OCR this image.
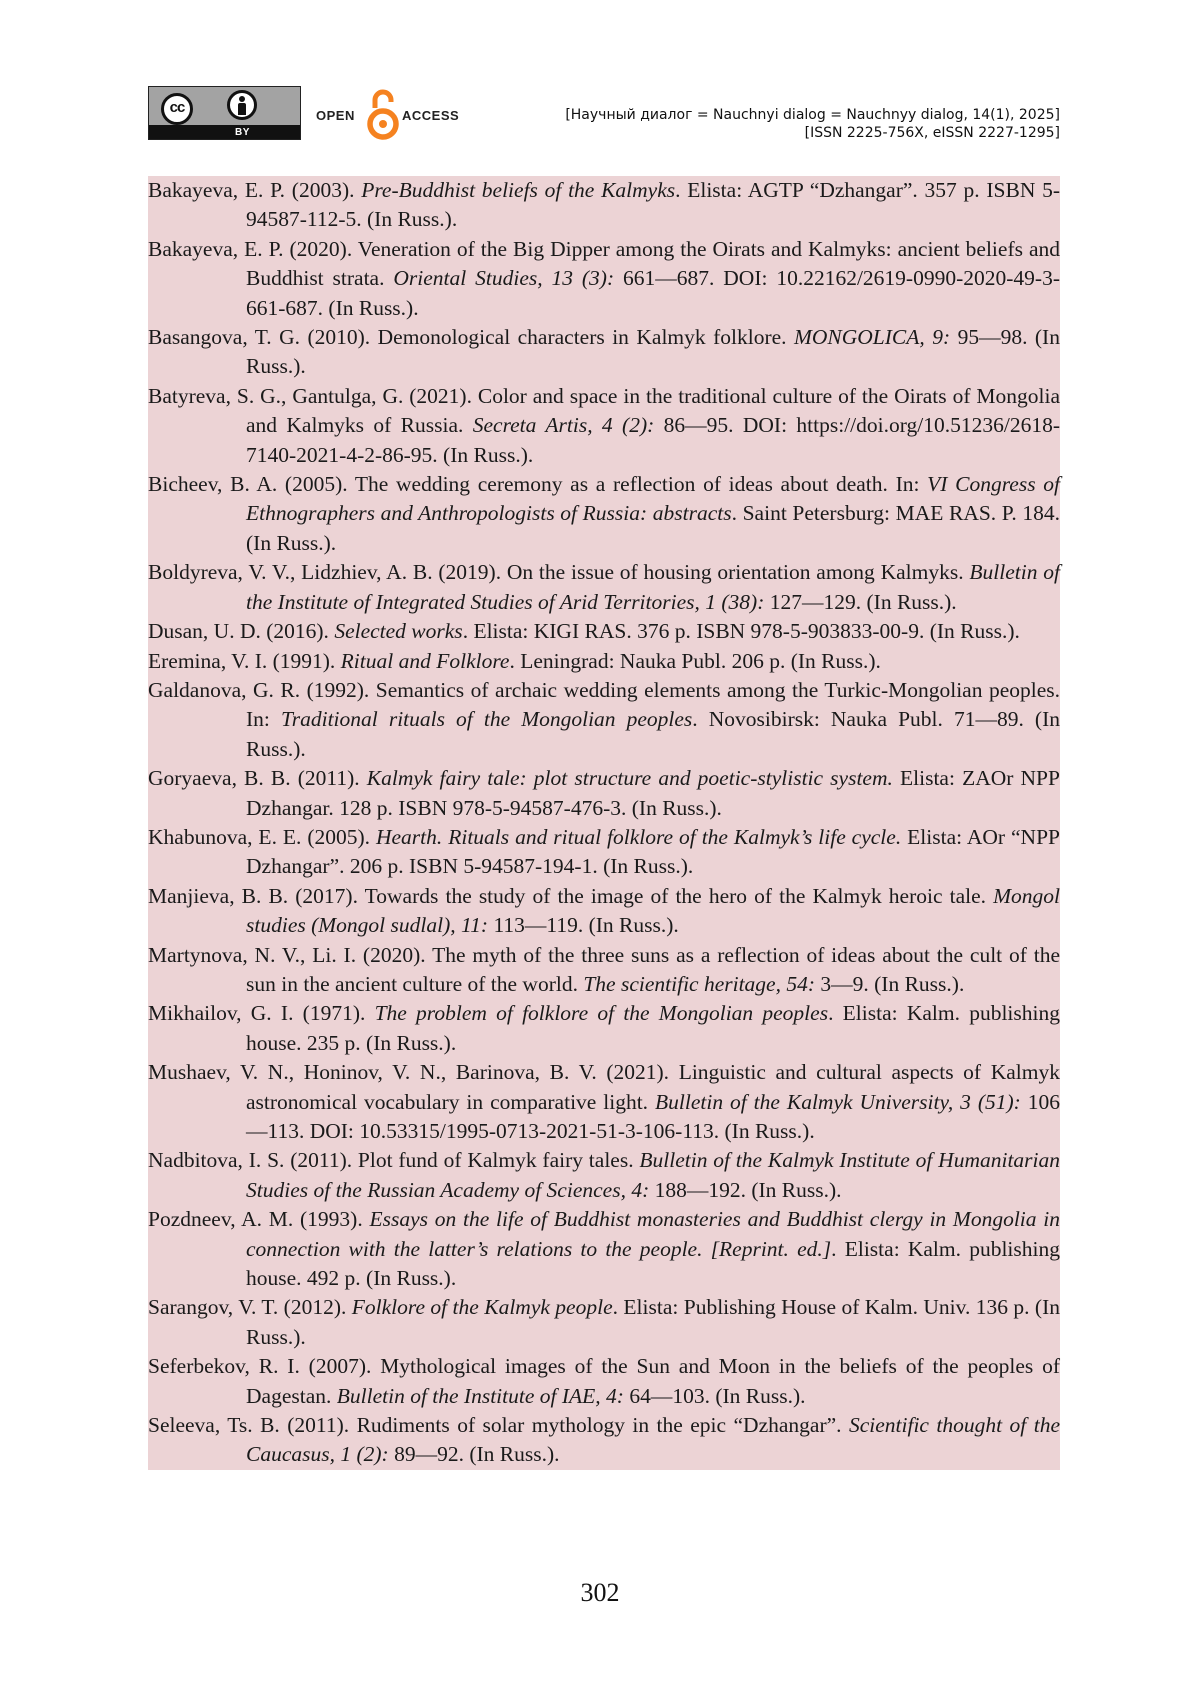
cc
BY
OPEN	ACCESS	[Научный диалог = Nauchnyi dialog = Nauchnyy dialog, 14(1), 2025]
[ISSN 2225-756X, eISSN 2227-1295]

Bakayeva, E. P. (2003). Pre-Buddhist beliefs of the Kalmyks. Elista: AGTP “Dzhangar”. 357 p. ISBN 5-94587-112-5. (In Russ.).

Bakayeva, E. P. (2020). Veneration of the Big Dipper among the Oirats and Kalmyks: ancient beliefs and Buddhist strata. Oriental Studies, 13 (3): 661—687. DOI: 10.22162/2619-0990-2020-49-3-661-687. (In Russ.).

Basangova, T. G. (2010). Demonological characters in Kalmyk folklore. MONGOLICA, 9: 95—98. (In Russ.).

Batyreva, S. G., Gantulga, G. (2021). Color and space in the traditional culture of the Oirats of Mongolia and Kalmyks of Russia. Secreta Artis, 4 (2): 86—95. DOI: https://doi.org/10.51236/2618-7140-2021-4-2-86-95. (In Russ.).

Bicheev, B. A. (2005). The wedding ceremony as a reflection of ideas about death. In: VI Congress of Ethnographers and Anthropologists of Russia: abstracts. Saint Petersburg: MAE RAS. P. 184. (In Russ.).

Boldyreva, V. V., Lidzhiev, A. B. (2019). On the issue of housing orientation among Kalmyks. Bulletin of the Institute of Integrated Studies of Arid Territories, 1 (38): 127—129. (In Russ.).

Dusan, U. D. (2016). Selected works. Elista: KIGI RAS. 376 p. ISBN 978-5-903833-00-9. (In Russ.).

Eremina, V. I. (1991). Ritual and Folklore. Leningrad: Nauka Publ. 206 p. (In Russ.).

Galdanova, G. R. (1992). Semantics of archaic wedding elements among the Turkic-Mongolian peoples. In: Traditional rituals of the Mongolian peoples. Novosibirsk: Nauka Publ. 71—89. (In Russ.).

Goryaeva, B. B. (2011). Kalmyk fairy tale: plot structure and poetic-stylistic system. Elista: ZAOr NPP Dzhangar. 128 p. ISBN 978-5-94587-476-3. (In Russ.).

Khabunova, E. E. (2005). Hearth. Rituals and ritual folklore of the Kalmyk’s life cycle. Elista: AOr “NPP Dzhangar”. 206 p. ISBN 5-94587-194-1. (In Russ.).

Manjieva, B. B. (2017). Towards the study of the image of the hero of the Kalmyk heroic tale. Mongol studies (Mongol sudlal), 11: 113—119. (In Russ.).

Martynova, N. V., Li. I. (2020). The myth of the three suns as a reflection of ideas about the cult of the sun in the ancient culture of the world. The scientific heritage, 54: 3—9. (In Russ.).

Mikhailov, G. I. (1971). The problem of folklore of the Mongolian peoples. Elista: Kalm. publishing house. 235 p. (In Russ.).

Mushaev, V. N., Honinov, V. N., Barinova, B. V. (2021). Linguistic and cultural aspects of Kalmyk astronomical vocabulary in comparative light. Bulletin of the Kalmyk University, 3 (51): 106—113. DOI: 10.53315/1995-0713-2021-51-3-106-113. (In Russ.).

Nadbitova, I. S. (2011). Plot fund of Kalmyk fairy tales. Bulletin of the Kalmyk Institute of Humanitarian Studies of the Russian Academy of Sciences, 4: 188—192. (In Russ.).

Pozdneev, A. M. (1993). Essays on the life of Buddhist monasteries and Buddhist clergy in Mongolia in connection with the latter’s relations to the people. [Reprint. ed.]. Elista: Kalm. publishing house. 492 p. (In Russ.).

Sarangov, V. T. (2012). Folklore of the Kalmyk people. Elista: Publishing House of Kalm. Univ. 136 p. (In Russ.).

Seferbekov, R. I. (2007). Mythological images of the Sun and Moon in the beliefs of the peoples of Dagestan. Bulletin of the Institute of IAE, 4: 64—103. (In Russ.).

Seleeva, Ts. B. (2011). Rudiments of solar mythology in the epic “Dzhangar”. Scientific thought of the Caucasus, 1 (2): 89—92. (In Russ.).

302
